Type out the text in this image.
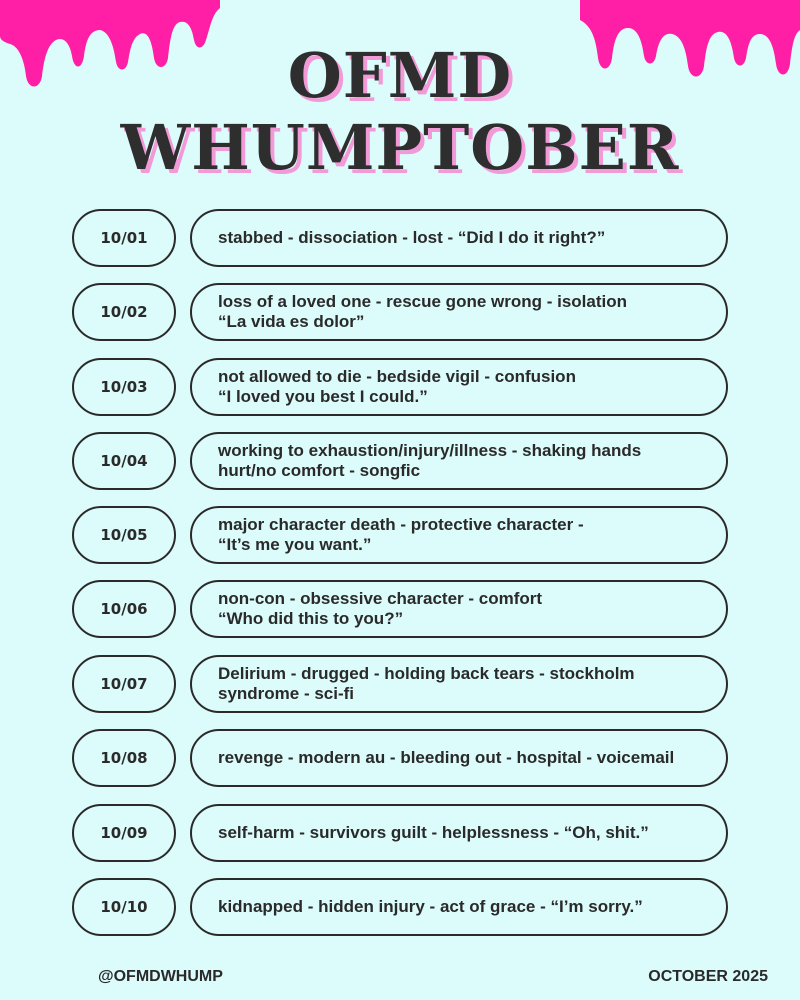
OFMD
WHUMPTOBER
10/01	stabbed - dissociation - lost - “Did I do it right?”
10/02
loss of a loved one - rescue gone wrong - isolation
“La vida es dolor”
10/03
not allowed to die - bedside vigil - confusion
“I loved you best I could.”
10/04
working to exhaustion/injury/illness - shaking hands
hurt/no comfort - songfic
10/05
major character death - protective character -
“It’s me you want.”
10/06
non-con - obsessive character - comfort
“Who did this to you?”
10/07
Delirium - drugged - holding back tears - stockholm
syndrome - sci-fi
10/08	revenge - modern au - bleeding out - hospital - voicemail
10/09	self-harm - survivors guilt - helplessness - “Oh, shit.”
10/10	kidnapped - hidden injury - act of grace - “I’m sorry.”
@OFMDWHUMP	OCTOBER 2025
